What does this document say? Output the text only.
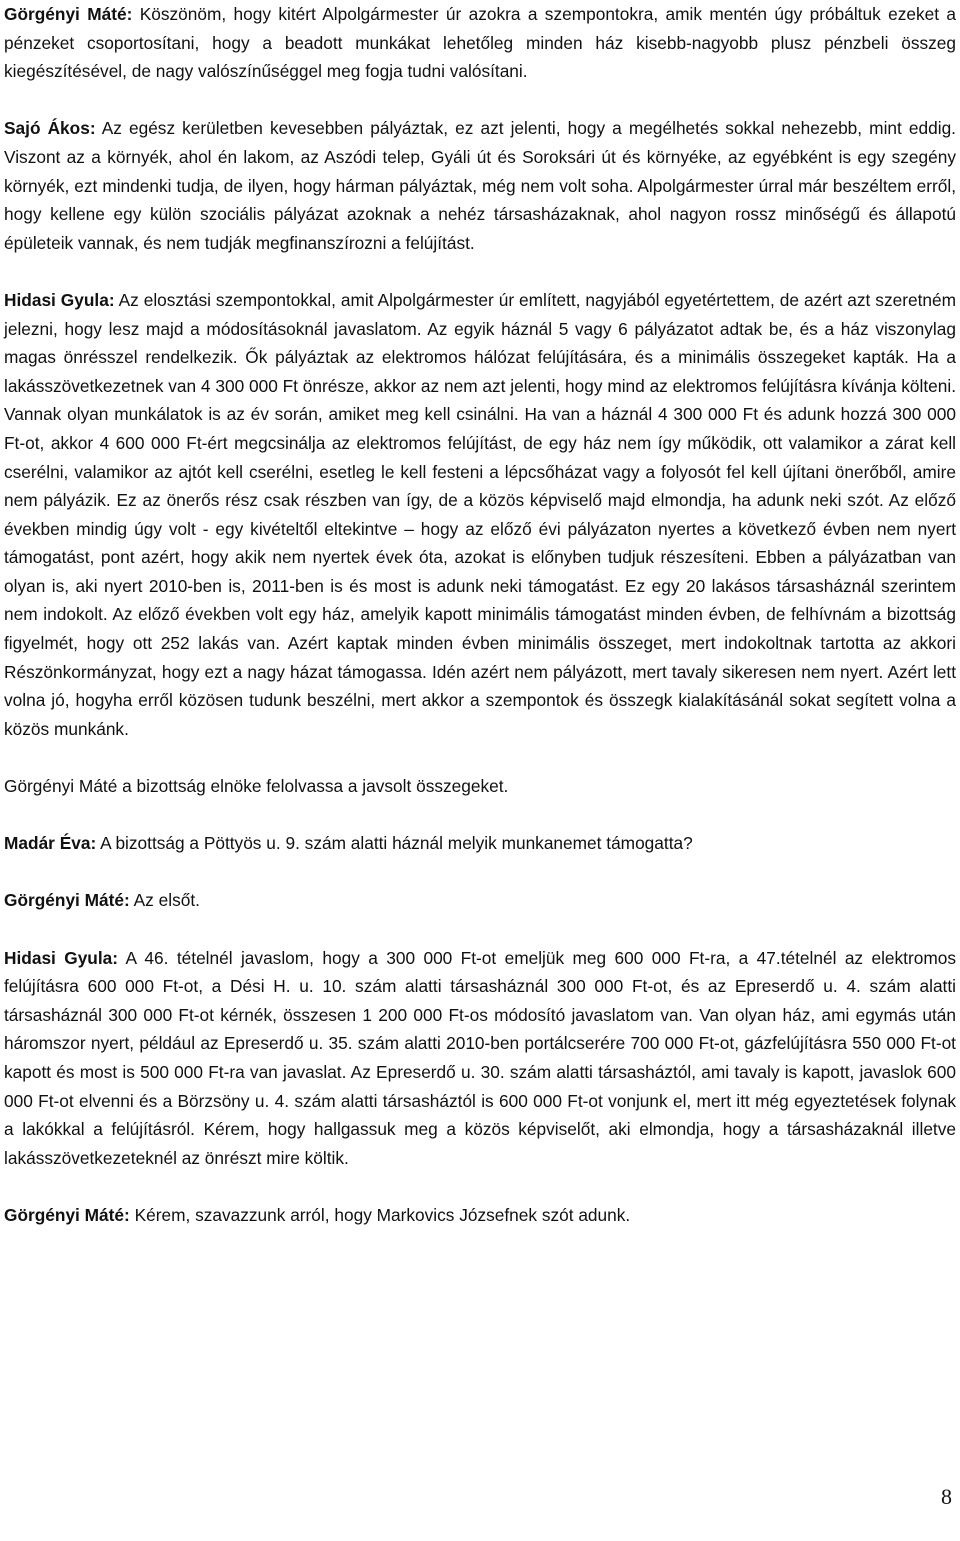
Görgényi Máté: Köszönöm, hogy kitért Alpolgármester úr azokra a szempontokra, amik mentén úgy próbáltuk ezeket a pénzeket csoportosítani, hogy a beadott munkákat lehetőleg minden ház kisebb-nagyobb plusz pénzbeli összeg kiegészítésével, de nagy valószínűséggel meg fogja tudni valósítani.

Sajó Ákos: Az egész kerületben kevesebben pályáztak, ez azt jelenti, hogy a megélhetés sokkal nehezebb, mint eddig. Viszont az a környék, ahol én lakom, az Aszódi telep, Gyáli út és Soroksári út és környéke, az egyébként is egy szegény környék, ezt mindenki tudja, de ilyen, hogy hárman pályáztak, még nem volt soha. Alpolgármester úrral már beszéltem erről, hogy kellene egy külön szociális pályázat azoknak a nehéz társasházaknak, ahol nagyon rossz minőségű és állapotú épületeik vannak, és nem tudják megfinanszírozni a felújítást.

Hidasi Gyula: Az elosztási szempontokkal, amit Alpolgármester úr említett, nagyjából egyetértettem, de azért azt szeretném jelezni, hogy lesz majd a módosításoknál javaslatom. Az egyik háznál 5 vagy 6 pályázatot adtak be, és a ház viszonylag magas önrésszel rendelkezik. Ők pályáztak az elektromos hálózat felújítására, és a minimális összegeket kapták. Ha a lakásszövetkezetnek van 4 300 000 Ft önrésze, akkor az nem azt jelenti, hogy mind az elektromos felújításra kívánja költeni. Vannak olyan munkálatok is az év során, amiket meg kell csinálni. Ha van a háznál 4 300 000 Ft és adunk hozzá 300 000 Ft-ot, akkor 4 600 000 Ft-ért megcsinálja az elektromos felújítást, de egy ház nem így működik, ott valamikor a zárat kell cserélni, valamikor az ajtót kell cserélni, esetleg le kell festeni a lépcsőházat vagy a folyosót fel kell újítani önerőből, amire nem pályázik. Ez az önerős rész csak részben van így, de a közös képviselő majd elmondja, ha adunk neki szót. Az előző években mindig úgy volt - egy kivételtől eltekintve – hogy az előző évi pályázaton nyertes a következő évben nem nyert támogatást, pont azért, hogy akik nem nyertek évek óta, azokat is előnyben tudjuk részesíteni. Ebben a pályázatban van olyan is, aki nyert 2010-ben is, 2011-ben is és most is adunk neki támogatást. Ez egy 20 lakásos társasháznál szerintem nem indokolt. Az előző években volt egy ház, amelyik kapott minimális támogatást minden évben, de felhívnám a bizottság figyelmét, hogy ott 252 lakás van. Azért kaptak minden évben minimális összeget, mert indokoltnak tartotta az akkori Részönkormányzat, hogy ezt a nagy házat támogassa. Idén azért nem pályázott, mert tavaly sikeresen nem nyert. Azért lett volna jó, hogyha erről közösen tudunk beszélni, mert akkor a szempontok és összegk kialakításánál sokat segített volna a közös munkánk.

Görgényi Máté a bizottság elnöke felolvassa a javsolt összegeket.

Madár Éva: A bizottság a Pöttyös u. 9. szám alatti háznál melyik munkanemet támogatta?

Görgényi Máté: Az elsőt.

Hidasi Gyula: A 46. tételnél javaslom, hogy a 300 000 Ft-ot emeljük meg 600 000 Ft-ra, a 47.tételnél az elektromos felújításra 600 000 Ft-ot, a Dési H. u. 10. szám alatti társasháznál 300 000 Ft-ot, és az Epreserdő u. 4. szám alatti társasháznál 300 000 Ft-ot kérnék, összesen 1 200 000 Ft-os módosító javaslatom van. Van olyan ház, ami egymás után háromszor nyert, például az Epreserdő u. 35. szám alatti 2010-ben portálcserére 700 000 Ft-ot, gázfelújításra 550 000 Ft-ot kapott és most is 500 000 Ft-ra van javaslat. Az Epreserdő u. 30. szám alatti társasháztól, ami tavaly is kapott, javaslok 600 000 Ft-ot elvenni és a Börzsöny u. 4. szám alatti társasháztól is 600 000 Ft-ot vonjunk el, mert itt még egyeztetések folynak a lakókkal a felújításról. Kérem, hogy hallgassuk meg a közös képviselőt, aki elmondja, hogy a társasházaknál illetve lakásszövetkezeteknél az önrészt mire költik.

Görgényi Máté: Kérem, szavazzunk arról, hogy Markovics Józsefnek szót adunk.

8
